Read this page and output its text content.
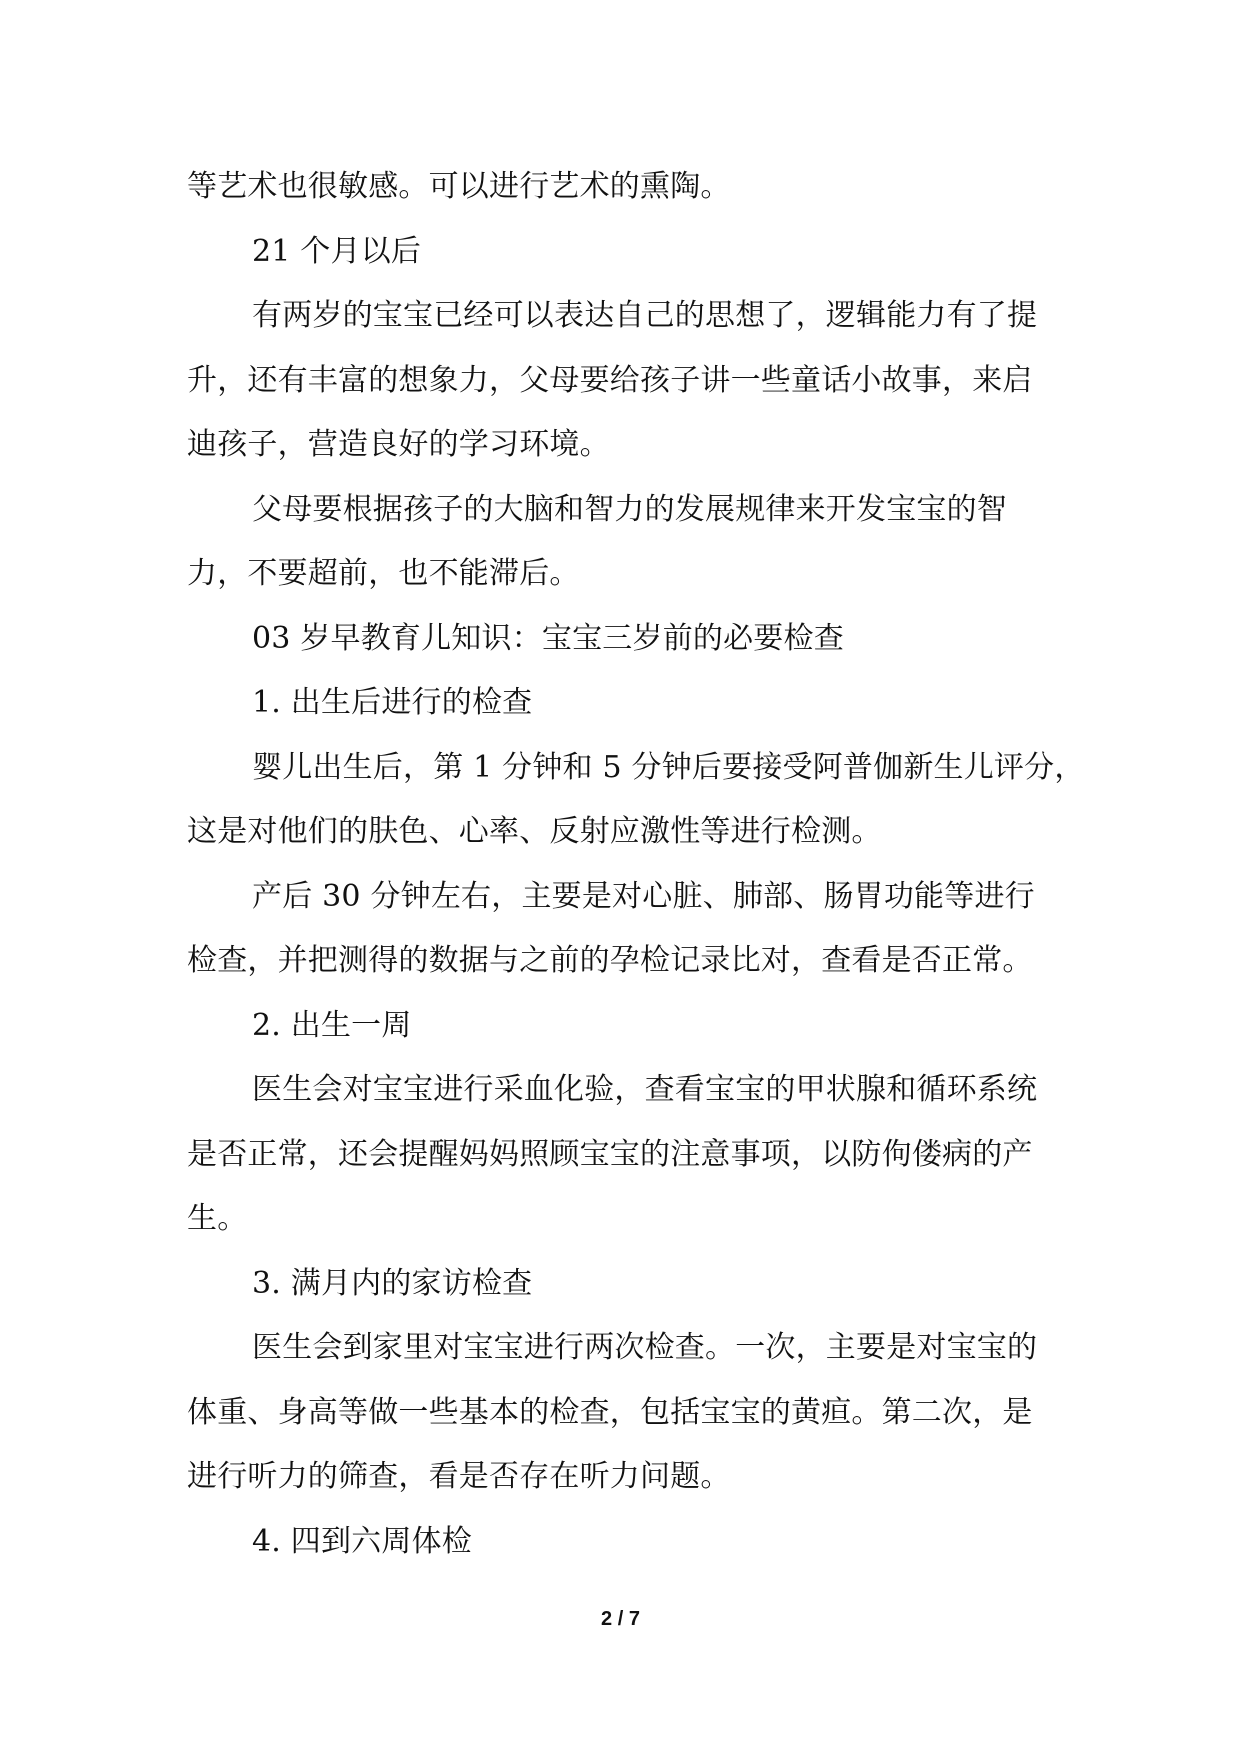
等艺术也很敏感。可以进行艺术的熏陶。
21 个月以后
有两岁的宝宝已经可以表达自己的思想了，逻辑能力有了提
升，还有丰富的想象力，父母要给孩子讲一些童话小故事，来启
迪孩子，营造良好的学习环境。
父母要根据孩子的大脑和智力的发展规律来开发宝宝的智
力，不要超前，也不能滞后。
03 岁早教育儿知识：宝宝三岁前的必要检查
1. 出生后进行的检查
婴儿出生后，第 1 分钟和 5 分钟后要接受阿普伽新生儿评分，
这是对他们的肤色、心率、反射应激性等进行检测。
产后 30 分钟左右，主要是对心脏、肺部、肠胃功能等进行
检查，并把测得的数据与之前的孕检记录比对，查看是否正常。
2. 出生一周
医生会对宝宝进行采血化验，查看宝宝的甲状腺和循环系统
是否正常，还会提醒妈妈照顾宝宝的注意事项，以防佝偻病的产
生。
3. 满月内的家访检查
医生会到家里对宝宝进行两次检查。一次，主要是对宝宝的
体重、身高等做一些基本的检查，包括宝宝的黄疸。第二次，是
进行听力的筛查，看是否存在听力问题。
4. 四到六周体检
2 / 7
